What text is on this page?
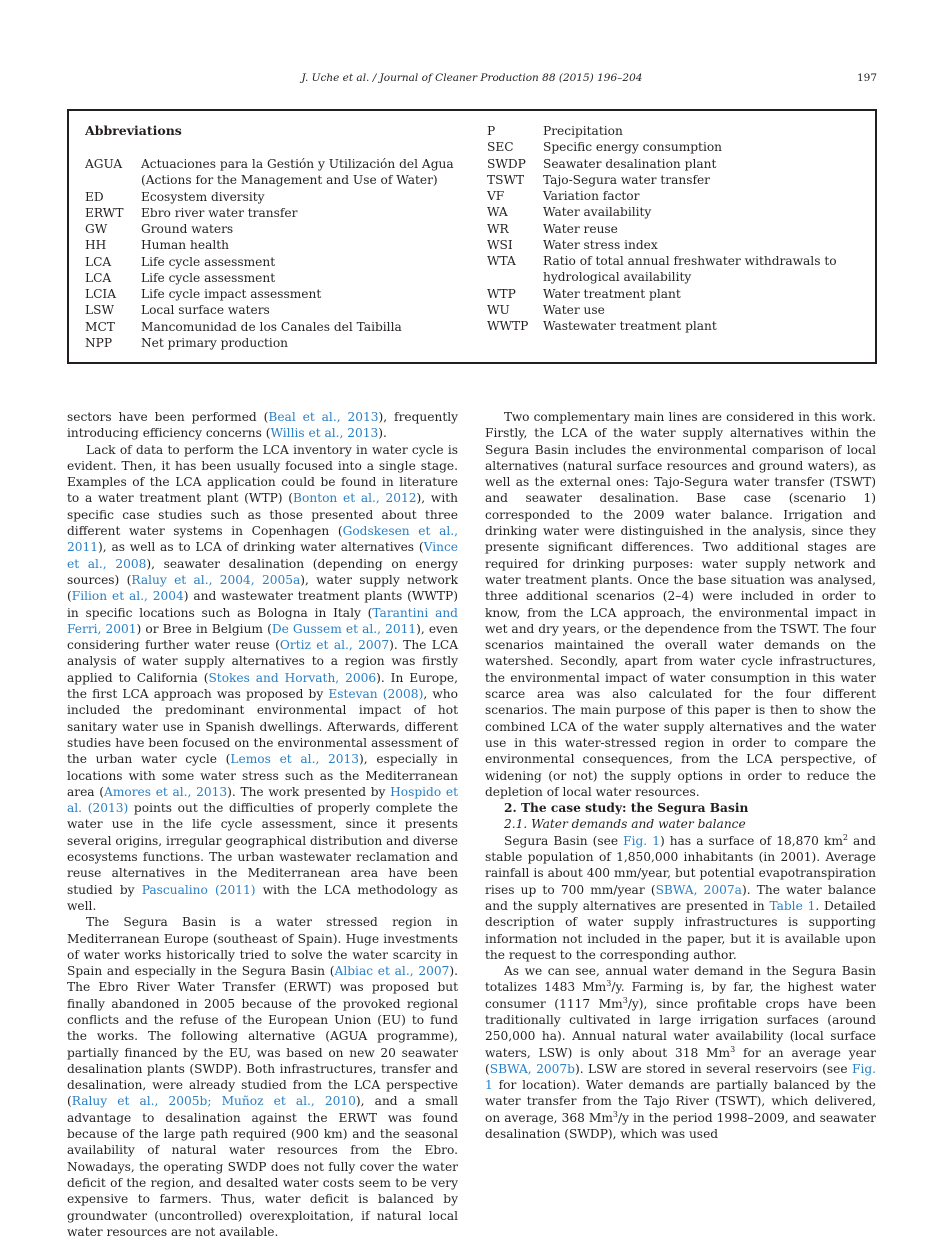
J. Uche et al. / Journal of Cleaner Production 88 (2015) 196–204	197
Abbreviations
AGUA	Actuaciones para la Gestión y Utilización del Agua
(Actions for the Management and Use of Water)
ED	Ecosystem diversity
ERWT	Ebro river water transfer
GW	Ground waters
HH	Human health
LCA	Life cycle assessment
LCA	Life cycle assessment
LCIA	Life cycle impact assessment
LSW	Local surface waters
MCT	Mancomunidad de los Canales del Taibilla
NPP	Net primary production
P	Precipitation
SEC	Specific energy consumption
SWDP	Seawater desalination plant
TSWT	Tajo-Segura water transfer
VF	Variation factor
WA	Water availability
WR	Water reuse
WSI	Water stress index
WTA	Ratio of total annual freshwater withdrawals to
hydrological availability
WTP	Water treatment plant
WU	Water use
WWTP	Wastewater treatment plant

sectors have been performed (Beal et al., 2013), frequently introducing efficiency concerns (Willis et al., 2013).

Lack of data to perform the LCA inventory in water cycle is evident. Then, it has been usually focused into a single stage. Examples of the LCA application could be found in literature to a water treatment plant (WTP) (Bonton et al., 2012), with specific case studies such as those presented about three different water systems in Copenhagen (Godskesen et al., 2011), as well as to LCA of drinking water alternatives (Vince et al., 2008), seawater desalination (depending on energy sources) (Raluy et al., 2004, 2005a), water supply network (Filion et al., 2004) and wastewater treatment plants (WWTP) in specific locations such as Bologna in Italy (Tarantini and Ferri, 2001) or Bree in Belgium (De Gussem et al., 2011), even considering further water reuse (Ortiz et al., 2007). The LCA analysis of water supply alternatives to a region was firstly applied to California (Stokes and Horvath, 2006). In Europe, the first LCA approach was proposed by Estevan (2008), who included the predominant environmental impact of hot sanitary water use in Spanish dwellings. Afterwards, different studies have been focused on the environmental assessment of the urban water cycle (Lemos et al., 2013), especially in locations with some water stress such as the Mediterranean area (Amores et al., 2013). The work presented by Hospido et al. (2013) points out the difficulties of properly complete the water use in the life cycle assessment, since it presents several origins, irregular geographical distribution and diverse ecosystems functions. The urban wastewater reclamation and reuse alternatives in the Mediterranean area have been studied by Pascualino (2011) with the LCA methodology as well.

The Segura Basin is a water stressed region in Mediterranean Europe (southeast of Spain). Huge investments of water works historically tried to solve the water scarcity in Spain and especially in the Segura Basin (Albiac et al., 2007). The Ebro River Water Transfer (ERWT) was proposed but finally abandoned in 2005 because of the provoked regional conflicts and the refuse of the European Union (EU) to fund the works. The following alternative (AGUA programme), partially financed by the EU, was based on new 20 seawater desalination plants (SWDP). Both infrastructures, transfer and desalination, were already studied from the LCA perspective (Raluy et al., 2005b; Muñoz et al., 2010), and a small advantage to desalination against the ERWT was found because of the large path required (900 km) and the seasonal availability of natural water resources from the Ebro. Nowadays, the operating SWDP does not fully cover the water deficit of the region, and desalted water costs seem to be very expensive to farmers. Thus, water deficit is balanced by groundwater (uncontrolled) overexploitation, if natural local water resources are not available.

Two complementary main lines are considered in this work. Firstly, the LCA of the water supply alternatives within the Segura Basin includes the environmental comparison of local alternatives (natural surface resources and ground waters), as well as the external ones: Tajo-Segura water transfer (TSWT) and seawater desalination. Base case (scenario 1) corresponded to the 2009 water balance. Irrigation and drinking water were distinguished in the analysis, since they presente significant differences. Two additional stages are required for drinking purposes: water supply network and water treatment plants. Once the base situation was analysed, three additional scenarios (2–4) were included in order to know, from the LCA approach, the environmental impact in wet and dry years, or the dependence from the TSWT. The four scenarios maintained the overall water demands on the watershed. Secondly, apart from water cycle infrastructures, the environmental impact of water consumption in this water scarce area was also calculated for the four different scenarios. The main purpose of this paper is then to show the combined LCA of the water supply alternatives and the water use in this water-stressed region in order to compare the environmental consequences, from the LCA perspective, of widening (or not) the supply options in order to reduce the depletion of local water resources.

2. The case study: the Segura Basin

2.1. Water demands and water balance

Segura Basin (see Fig. 1) has a surface of 18,870 $km^2$ and stable population of 1,850,000 inhabitants (in 2001). Average rainfall is about 400 mm/year, but potential evapotranspiration rises up to 700 mm/year (SBWA, 2007a). The water balance and the supply alternatives are presented in Table 1. Detailed description of water supply infrastructures is supporting information not included in the paper, but it is available upon the request to the corresponding author.

As we can see, annual water demand in the Segura Basin totalizes 1483 Mm$^3$/y. Farming is, by far, the highest water consumer (1117 Mm$^3$/y), since profitable crops have been traditionally cultivated in large irrigation surfaces (around 250,000 ha). Annual natural water availability (local surface waters, LSW) is only about 318 Mm$^3$ for an average year (SBWA, 2007b). LSW are stored in several reservoirs (see Fig. 1 for location). Water demands are partially balanced by the water transfer from the Tajo River (TSWT), which delivered, on average, 368 Mm$^3$/y in the period 1998–2009, and seawater desalination (SWDP), which was used
